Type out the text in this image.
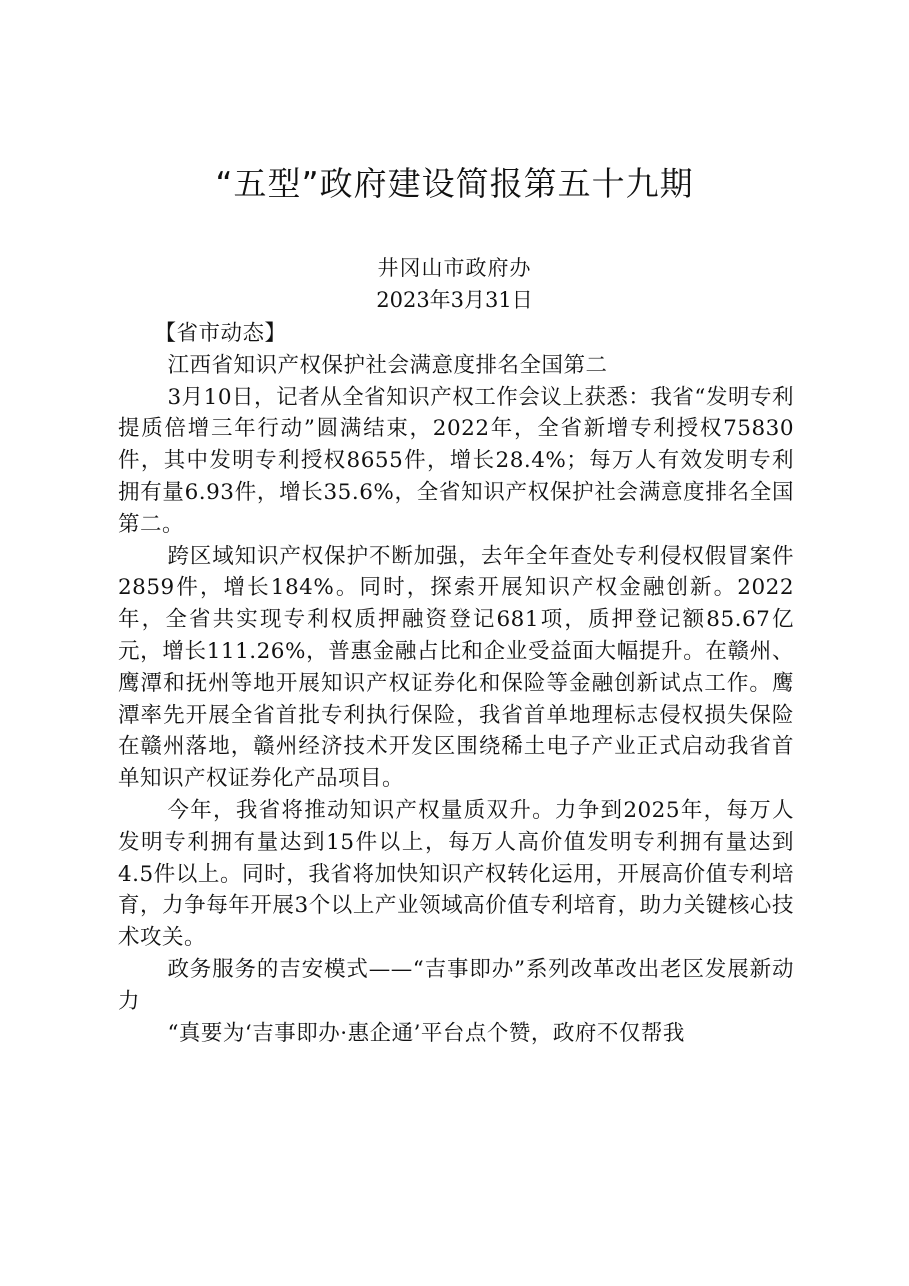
“五型”政府建设简报第五十九期
井冈山市政府办
2023年3月31日

【省市动态】

江西省知识产权保护社会满意度排名全国第二

3月10日，记者从全省知识产权工作会议上获悉：我省“发明专利提质倍增三年行动”圆满结束，2022年，全省新增专利授权75830件，其中发明专利授权8655件，增长28.4%；每万人有效发明专利拥有量6.93件，增长35.6%，全省知识产权保护社会满意度排名全国第二。

跨区域知识产权保护不断加强，去年全年查处专利侵权假冒案件2859件，增长184%。同时，探索开展知识产权金融创新。2022年，全省共实现专利权质押融资登记681项，质押登记额85.67亿元，增长111.26%，普惠金融占比和企业受益面大幅提升。在赣州、鹰潭和抚州等地开展知识产权证券化和保险等金融创新试点工作。鹰潭率先开展全省首批专利执行保险，我省首单地理标志侵权损失保险在赣州落地，赣州经济技术开发区围绕稀土电子产业正式启动我省首单知识产权证券化产品项目。

今年，我省将推动知识产权量质双升。力争到2025年，每万人发明专利拥有量达到15件以上，每万人高价值发明专利拥有量达到4.5件以上。同时，我省将加快知识产权转化运用，开展高价值专利培育，力争每年开展3个以上产业领域高价值专利培育，助力关键核心技术攻关。

政务服务的吉安模式——“吉事即办”系列改革改出老区发展新动力

“真要为‘吉事即办·惠企通’平台点个赞，政府不仅帮我
